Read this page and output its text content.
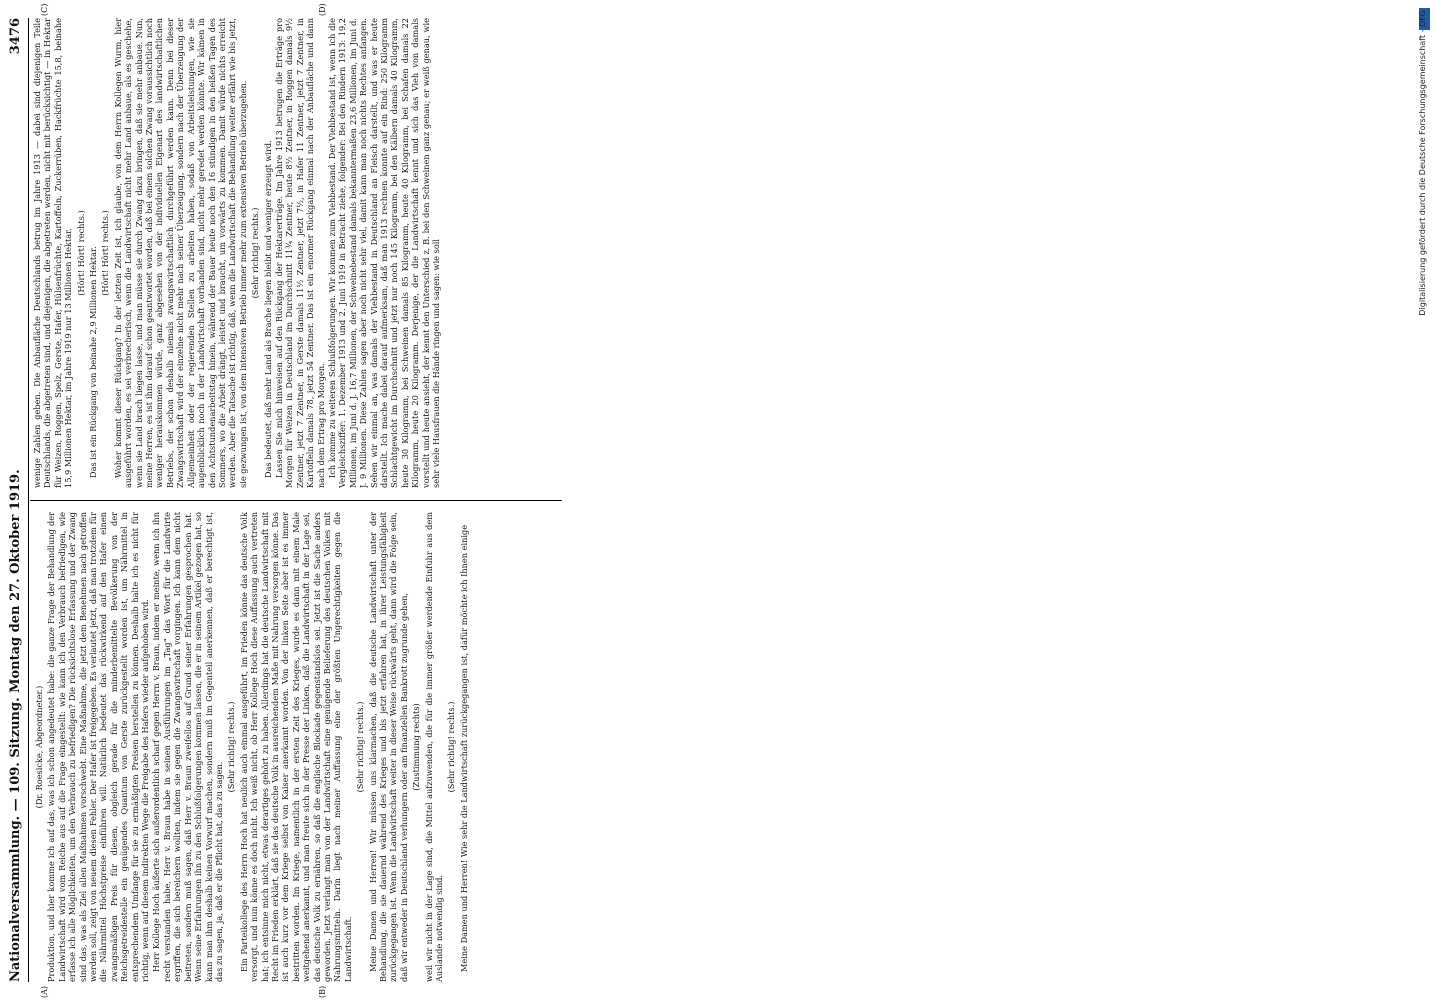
Nationalversammlung. — 109. Sitzung. Montag den 27. Oktober 1919.
3476
(A)	(B)
(C)	(D)

(Dr. Roesicke, Abgeordneter.) Produktion, und hier komme ich auf das, was ich schon angedeutet habe: die ganze Frage der Behandlung der Landwirtschaft wird vom Reiche aus auf die Frage eingestellt: wie kann ich den Verbrauch befriedigen, wie erfasse ich alle Möglichkeiten, um den Verbrauch zu befriedigen? Die rücksichtslose Erfassung und der Zwang sind das, was als Ziel allen Maßnahmen vorschwebt. Eine Maßnahme, die jetzt dem Benehmen nach getroffen werden soll, zeigt von neuem diesen Fehler. Der Hafer ist freigegeben. Es verlautet jetzt, daß man trotzdem für die Nährmittel Höchstpreise einführen will. Natürlich bedeutet das rückwirkend auf den Hafer einen zwangsmäßigen Preis für diesen, obgleich gerade für die minderbemittelte Bevölkerung von der Reichsgetreidestelle ein genügendes Quantum von Gerste zurückgestellt worden ist, um Nährmittel in entsprechendem Umfange für sie zu ermäßigten Preisen herstellen zu können. Deshalb halte ich es nicht für richtig, wenn auf diesem indirekten Wege die Freigabe des Hafers wieder aufgehoben wird. Herr Kollege Hoch äußerte sich außerordentlich scharf gegen Herrn v. Braun, indem er meinte, wenn ich ihn recht verstanden habe, Herr v. Braun habe in seinen Ausführungen im „Tag“ das Wort für die Landwirte ergriffen, die sich bereichern wollten, indem sie gegen die Zwangswirtschaft vorgingen. Ich kann dem nicht beitreten, sondern muß sagen, daß Herr v. Braun zweifellos auf Grund seiner Erfahrungen gesprochen hat. Wenn seine Erfahrungen ihn zu den Schlußfolgerungen kommen lassen, die er in seinem Artikel gezogen hat, so kann man ihm deshalb keinen Vorwurf machen, sondern muß im Gegenteil anerkennen, daß er berechtigt ist, das zu sagen, ja, daß er die Pflicht hat, das zu sagen.

(Sehr richtig! rechts.) Ein Parteikollege des Herrn Hoch hat neulich auch einmal ausgeführt, im Frieden könne das deutsche Volk versorgt, und nun könne es doch nicht. Ich weiß nicht, ob Herr Kollege Hoch diese Auffassung auch vertreten hat; ich entsinne mich nicht, etwas derartiges gehört zu haben. Allerdings hat die deutsche Landwirtschaft mit Recht im Frieden erklärt, daß sie das deutsche Volk in ausreichendem Maße mit Nahrung versorgen könne. Das ist auch kurz vor dem Kriege selbst von Kaiser anerkannt worden. Von der linken Seite aber ist es immer bestritten worden. Im Kriege, namentlich in der ersten Zeit des Krieges, wurde es dann mit einem Male weitgehend anerkannt, und man freute sich in der Presse der Linken, daß die Landwirtschaft in der Lage sei, das deutsche Volk zu ernähren, so daß die englische Blockade gegenstandslos sei. Jetzt ist die Sache anders geworden. Jetzt verlangt man von der Landwirtschaft eine genügende Belieferung des deutschen Volkes mit Nahrungsmitteln. Darin liegt nach meiner Auffassung eine der größten Ungerechtigkeiten gegen die Landwirtschaft.

(Sehr richtig! rechts.) Meine Damen und Herren! Wir müssen uns klarmachen, daß die deutsche Landwirtschaft unter der Behandlung, die sie dauernd während des Krieges und bis jetzt erfahren hat, in ihrer Leistungsfähigkeit zurückgegangen ist. Wenn die Landwirtschaft weiter in dieser Weise rückwärts geht, dann wird die Folge sein, daß wir entweder in Deutschland verhungern oder am finanziellen Bankrott zugrunde gehen, (Zustimmung rechts) weil wir nicht in der Lage sind, die Mittel aufzuwenden, die für die immer größer werdende Einfuhr aus dem Auslande notwendig sind.

(Sehr richtig! rechts.) Meine Damen und Herren! Wie sehr die Landwirtschaft zurückgegangen ist, dafür möchte ich Ihnen einige

wenige Zahlen geben. Die Anbaufläche Deutschlands betrug im Jahre 1913 — dabei sind diejenigen Teile Deutschlands, die abgetreten sind, und diejenigen, die abgetreten werden, nicht mit berücksichtigt — in Hektar für Weizen, Roggen, Spelz, Gerste, Hafer, Hülsenfrüchte, Kartoffeln, Zuckerrüben, Hackfrüchte 15,8, beinahe 15,9 Millionen Hektar, im Jahre 1919 nur 13 Millionen Hektar. (Hört! Hört! rechts.) Das ist ein Rückgang von beinahe 2,9 Millionen Hektar. (Hört! Hört! rechts.) Woher kommt dieser Rückgang? In der letzten Zeit ist, ich glaube, von dem Herrn Kollegen Wurm, hier ausgeführt worden, es sei verbrecherisch, wenn die Landwirtschaft nicht mehr Land anbaue, als es geschehe, wenn sie Land brach liegen lasse, und man müsse sie durch Zwang dazu bringen, daß sie mehr anbaue. Nun, meine Herren, es ist ihm darauf schon geantwortet worden, daß bei einem solchen Zwang voraussichtlich noch weniger herauskommen würde, ganz abgesehen von der individuellen Eigenart des landwirtschaftlichen Betriebs, der schon deshalb niemals zwangswirtschaftlich durchgeführt werden kann. Denn bei dieser Zwangswirtschaft wird der einzelne nicht mehr nach seiner Überzeugung, sondern nach der Überzeugung der Allgemeinheit oder der regierenden Stellen zu arbeiten haben, sodaß von Arbeitsleistungen, wie sie augenblicklich noch in der Landwirtschaft vorhanden sind, nicht mehr geredet werden könnte. Wir kämen in den Achtstundenarbeitstag hinein, während der Bauer heute noch den 16 stündigen in den heißen Tagen des Sommers, wo die Arbeit drängt, leistet und braucht, um vorwärts zu kommen. Damit würde nichts erreicht werden. Aber die Tatsache ist richtig, daß, wenn die Landwirtschaft die Behandlung weiter erfährt wie bis jetzt, sie gezwungen ist, von dem intensiven Betrieb immer mehr zum extensiven Betrieb überzugehen. (Sehr richtig! rechts.) Das bedeutet, daß mehr Land als Brache liegen bleibt und weniger erzeugt wird. Lassen Sie mich hinweisen auf den Rückgang der Hektarerträge. Im Jahre 1913 betrugen die Erträge pro Morgen für Weizen in Deutschland im Durchschnitt 11¾ Zentner, heute 8½ Zentner, in Roggen damals 9½ Zentner, jetzt 7 Zentner, in Gerste damals 11½ Zentner, jetzt 7½, in Hafer 11 Zentner, jetzt 7 Zentner, in Kartoffeln damals 78, jetzt 54 Zentner. Das ist ein enormer Rückgang einmal nach der Anbaufläche und dann nach dem Ertrag pro Morgen. Ich komme zu weiteren Schlußfolgerungen. Wir kommen zum Viehbestand. Der Viehbestand ist, wenn ich die Vergleichsziffer: 1. Dezember 1913 und 2. Juni 1919 in Betracht ziehe, folgender: Bei den Rindern 1913: 19,2 Millionen, im Juni d. J. 16,7 Millionen, der Schweinebestand damals bekanntermaßen 23,6 Millionen, im Juni d. J. 9 Millionen. Diese Zahlen sagen aber noch nicht sehr viel, damit kann man noch nichts Rechtes anfangen. Sehen wir einmal an, was damals der Viehbestand in Deutschland an Fleisch darstellt, und was er heute darstellt. Ich mache dabei darauf aufmerksam, daß man 1913 rechnen konnte auf ein Rind: 250 Kilogramm Schlachtgewicht im Durchschnitt und jetzt nur noch 145 Kilogramm, bei den Kälbern damals 40 Kilogramm, heute 30 Kilogramm, bei Schweinen damals 85 Kilogramm, heute 40 Kilogramm, bei Schafen damals 22 Kilogramm, heute 20 Kilogramm. Derjenige, der die Landwirtschaft kennt und sich das Vieh von damals vorstellt und heute ansieht, der kennt den Unterschied z. B. bei den Schweinen ganz genau; er weiß genau, wie sehr viele Hausfrauen die Hände ringen und sagen: wie soll

Digitalisierung gefördert durch die Deutsche Forschungsgemeinschaft - DFG
